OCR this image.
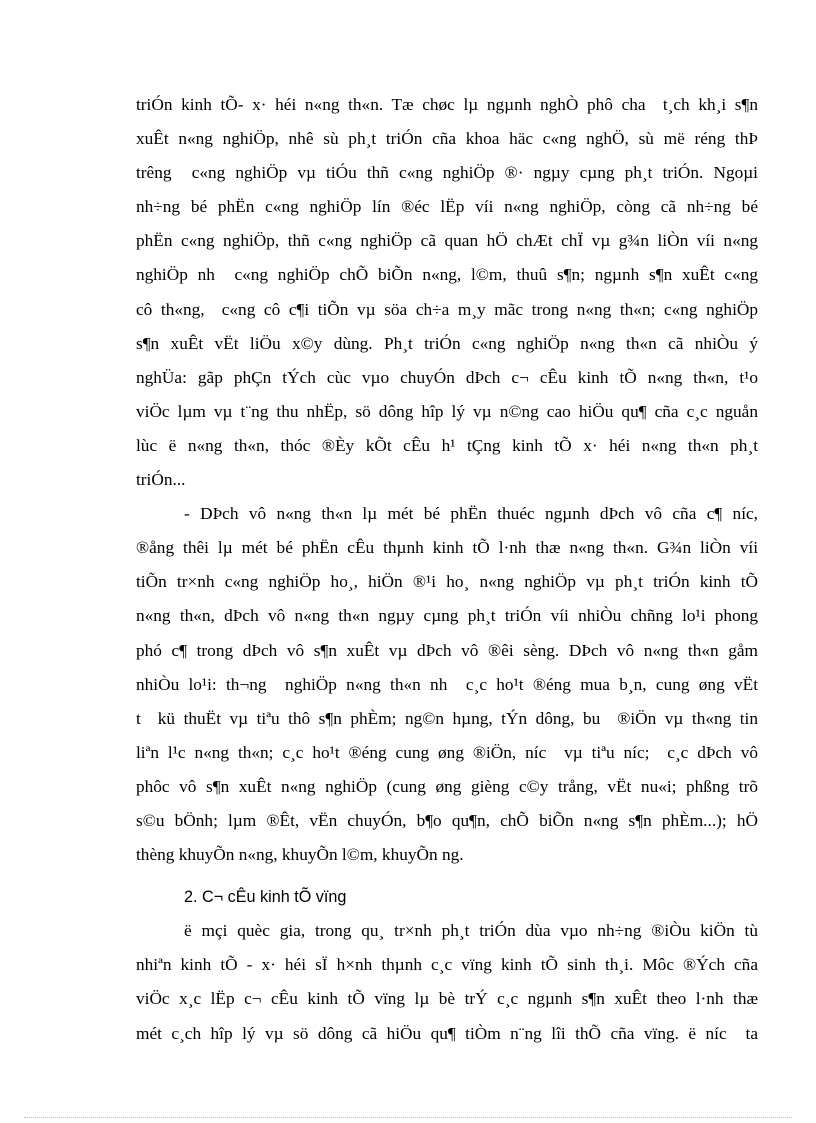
triÓn kinh tÕ- x· héi n«ng th«n. Tæ chøc lµ ngµnh nghÒ phô cha  t¸ch kh¸i s¶n
xuÊt n«ng nghiÖp, nhê sù ph¸t triÓn cña khoa häc c«ng nghÖ, sù më réng thÞ
trêng  c«ng nghiÖp vµ tiÓu thñ c«ng nghiÖp ®· ngµy cµng ph¸t triÓn. Ngoµi
nh÷ng bé phËn c«ng nghiÖp lín ®éc lËp víi n«ng nghiÖp, còng cã nh÷ng bé
phËn c«ng nghiÖp, thñ c«ng nghiÖp cã quan hÖ chÆt chÏ vµ g¾n liÒn víi n«ng
nghiÖp nh  c«ng nghiÖp chÕ biÕn n«ng, l©m, thuû s¶n; ngµnh s¶n xuÊt c«ng
cô th«ng,  c«ng cô c¶i tiÕn vµ söa ch÷a m¸y mãc trong n«ng th«n; c«ng nghiÖp
s¶n xuÊt vËt liÖu x©y dùng. Ph¸t triÓn c«ng nghiÖp n«ng th«n cã nhiÒu ý
nghÜa: gãp phÇn tÝch cùc vµo chuyÓn dÞch c¬ cÊu kinh tÕ n«ng th«n, t¹o
viÖc lµm vµ t¨ng thu nhËp, sö dông hîp lý vµ n©ng cao hiÖu qu¶ cña c¸c nguån
lùc ë n«ng th«n, thóc ®Èy kÕt cÊu h¹ tÇng kinh tÕ x· héi n«ng th«n ph¸t
triÓn...
- DÞch vô n«ng th«n lµ mét bé phËn thuéc ngµnh dÞch vô cña c¶ níc,
®ång thêi lµ mét bé phËn cÊu thµnh kinh tÕ l·nh thæ n«ng th«n. G¾n liÒn víi
tiÕn tr×nh c«ng nghiÖp ho¸, hiÖn ®¹i ho¸ n«ng nghiÖp vµ ph¸t triÓn kinh tÕ
n«ng th«n, dÞch vô n«ng th«n ngµy cµng ph¸t triÓn víi nhiÒu chñng lo¹i phong
phó c¶ trong dÞch vô s¶n xuÊt vµ dÞch vô ®êi sèng. DÞch vô n«ng th«n gåm
nhiÒu lo¹i: th¬ng  nghiÖp n«ng th«n nh  c¸c ho¹t ®éng mua b¸n, cung øng vËt
t  kü thuËt vµ tiªu thô s¶n phÈm; ng©n hµng, tÝn dông, bu  ®iÖn vµ th«ng tin
liªn l¹c n«ng th«n; c¸c ho¹t ®éng cung øng ®iÖn, níc  vµ tiªu níc;  c¸c dÞch vô
phôc vô s¶n xuÊt n«ng nghiÖp (cung øng gièng c©y trång, vËt nu«i; phßng trõ
s©u bÖnh; lµm ®Êt, vËn chuyÓn, b¶o qu¶n, chÕ biÕn n«ng s¶n phÈm...); hÖ
thèng khuyÕn n«ng, khuyÕn l©m, khuyÕn ng.
2. C¬ cÊu kinh tÕ vïng
ë mçi quèc gia, trong qu¸ tr×nh ph¸t triÓn dùa vµo nh÷ng ®iÒu kiÖn tù
nhiªn kinh tÕ - x· héi sÏ h×nh thµnh c¸c vïng kinh tÕ sinh th¸i. Môc ®Ých cña
viÖc x¸c lËp c¬ cÊu kinh tÕ vïng lµ bè trÝ c¸c ngµnh s¶n xuÊt theo l·nh thæ
mét c¸ch hîp lý vµ sö dông cã hiÖu qu¶ tiÒm n¨ng lîi thÕ cña vïng. ë níc  ta
